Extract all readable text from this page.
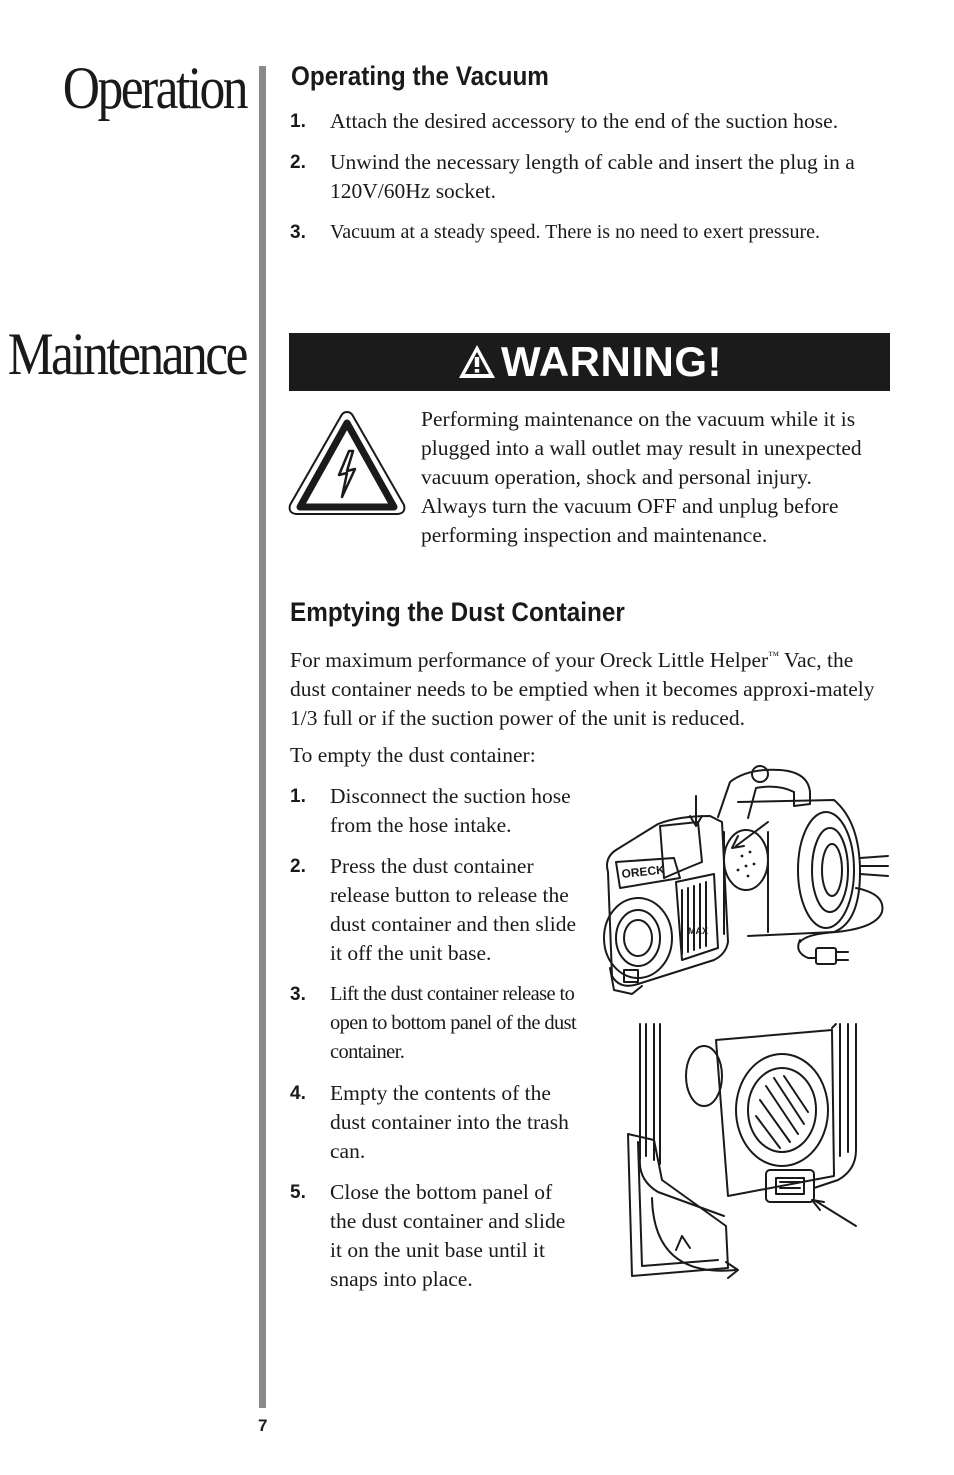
Operation
Maintenance
Operating the Vacuum
1. Attach the desired accessory to the end of the suction hose.
2. Unwind the necessary length of cable and insert the plug in a 120V/60Hz socket.
3. Vacuum at a steady speed. There is no need to exert pressure.
WARNING!

Performing maintenance on the vacuum while it is plugged into a wall outlet may result in unexpected vacuum operation, shock and personal injury. Always turn the vacuum OFF and unplug before performing inspection and maintenance.

Emptying the Dust Container

For maximum performance of your Oreck Little Helper™ Vac, the dust container needs to be emptied when it becomes approxi-mately 1/3 full or if the suction power of the unit is reduced.

To empty the dust container:

1. Disconnect the suction hose from the hose intake.
2. Press the dust container release button to release the dust container and then slide it off the unit base.
3. Lift the dust container release to open to bottom panel of the dust container.
4. Empty the contents of the dust container into the trash can.
5. Close the bottom panel of the dust container and slide it on the unit base until it snaps into place.
ORECK
MAX
7
